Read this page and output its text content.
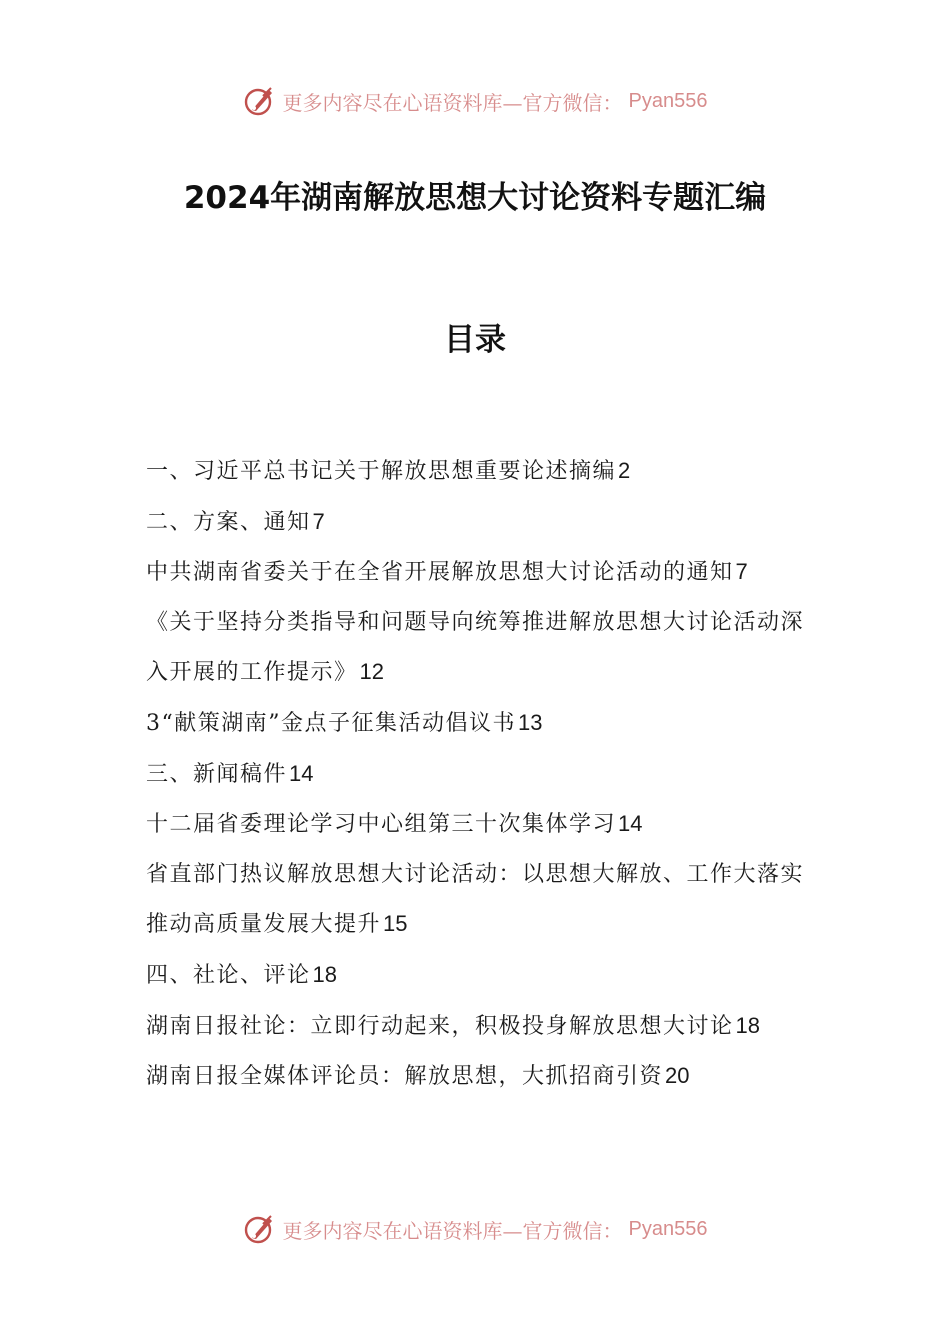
更多内容尽在心语资料库—官方微信： Pyan556
2024年湖南解放思想大讨论资料专题汇编
目录
一、习近平总书记关于解放思想重要论述摘编2
二、方案、通知7
中共湖南省委关于在全省开展解放思想大讨论活动的通知7
《关于坚持分类指导和问题导向统筹推进解放思想大讨论活动深入开展的工作提示》12
3“献策湖南”金点子征集活动倡议书13
三、新闻稿件14
十二届省委理论学习中心组第三十次集体学习14
省直部门热议解放思想大讨论活动：以思想大解放、工作大落实推动高质量发展大提升15
四、社论、评论18
湖南日报社论：立即行动起来，积极投身解放思想大讨论18
湖南日报全媒体评论员：解放思想，大抓招商引资20
更多内容尽在心语资料库—官方微信： Pyan556
